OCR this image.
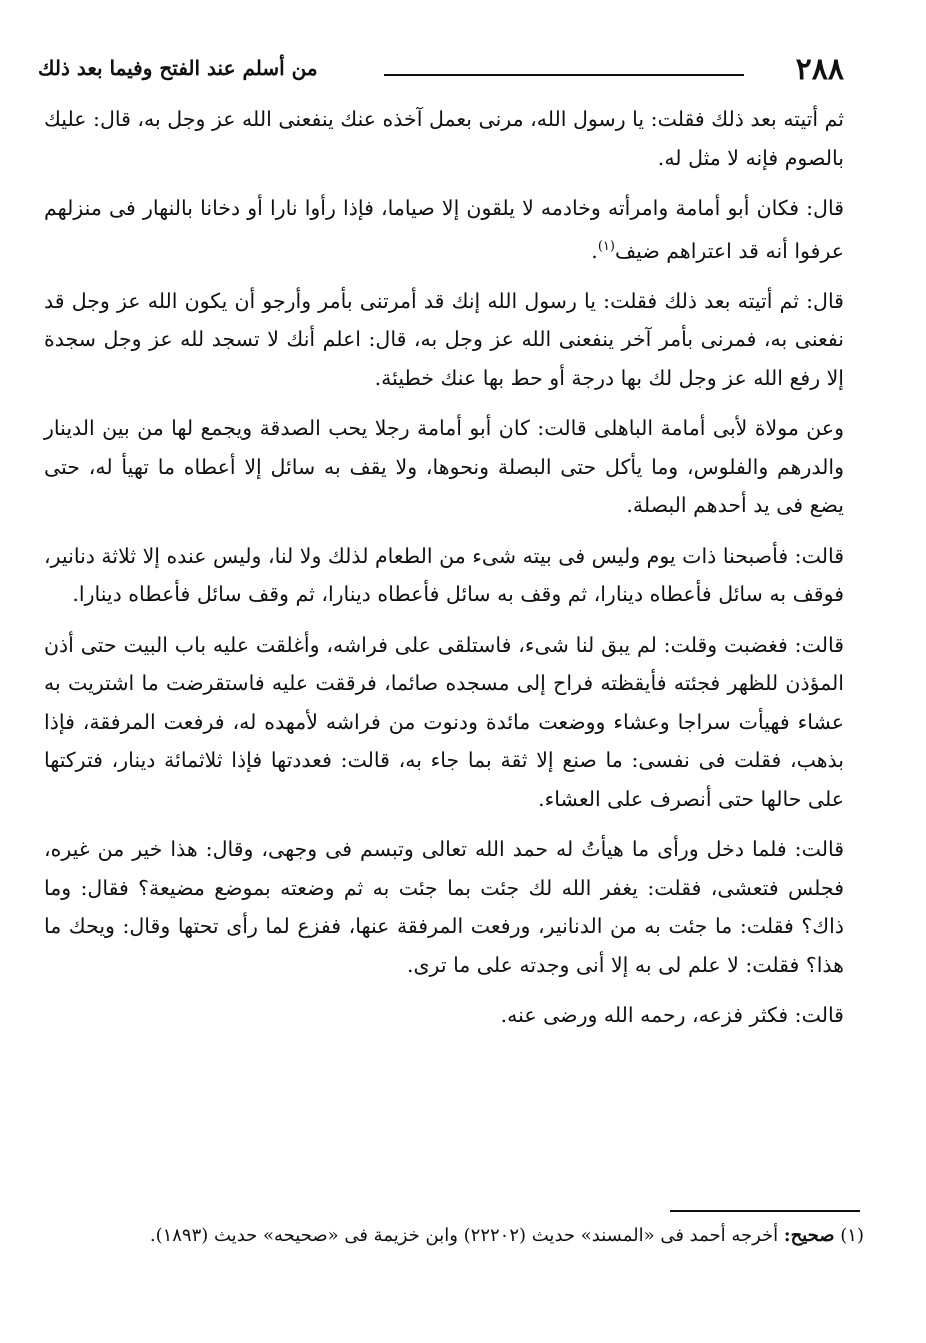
٢٨٨
من أسلم عند الفتح وفيما بعد ذلك

ثم أتيته بعد ذلك فقلت: يا رسول الله، مرنى بعمل آخذه عنك ينفعنى الله عز وجل به، قال: عليك بالصوم فإنه لا مثل له.

قال: فكان أبو أمامة وامرأته وخادمه لا يلقون إلا صياما، فإذا رأوا نارا أو دخانا بالنهار فى منزلهم عرفوا أنه قد اعتراهم ضيف$^{(١)}$.

قال: ثم أتيته بعد ذلك فقلت: يا رسول الله إنك قد أمرتنى بأمر وأرجو أن يكون الله عز وجل قد نفعنى به، فمرنى بأمر آخر ينفعنى الله عز وجل به، قال: اعلم أنك لا تسجد لله عز وجل سجدة إلا رفع الله عز وجل لك بها درجة أو حط بها عنك خطيئة.

وعن مولاة لأبى أمامة الباهلى قالت: كان أبو أمامة رجلا يحب الصدقة ويجمع لها من بين الدينار والدرهم والفلوس، وما يأكل حتى البصلة ونحوها، ولا يقف به سائل إلا أعطاه ما تهيأ له، حتى يضع فى يد أحدهم البصلة.

قالت: فأصبحنا ذات يوم وليس فى بيته شىء من الطعام لذلك ولا لنا، وليس عنده إلا ثلاثة دنانير، فوقف به سائل فأعطاه دينارا، ثم وقف به سائل فأعطاه دينارا، ثم وقف سائل فأعطاه دينارا.

قالت: فغضبت وقلت: لم يبق لنا شىء، فاستلقى على فراشه، وأغلقت عليه باب البيت حتى أذن المؤذن للظهر فجئته فأيقظته فراح إلى مسجده صائما، فرققت عليه فاستقرضت ما اشتريت به عشاء فهيأت سراجا وعشاء ووضعت مائدة ودنوت من فراشه لأمهده له، فرفعت المرفقة، فإذا بذهب، فقلت فى نفسى: ما صنع إلا ثقة بما جاء به، قالت: فعددتها فإذا ثلاثمائة دينار، فتركتها على حالها حتى أنصرف على العشاء.

قالت: فلما دخل ورأى ما هيأتُ له حمد الله تعالى وتبسم فى وجهى، وقال: هذا خير من غيره، فجلس فتعشى، فقلت: يغفر الله لك جئت بما جئت به ثم وضعته بموضع مضيعة؟ فقال: وما ذاك؟ فقلت: ما جئت به من الدنانير، ورفعت المرفقة عنها، ففزع لما رأى تحتها وقال: ويحك ما هذا؟ فقلت: لا علم لى به إلا أنى وجدته على ما ترى.

قالت: فكثر فزعه، رحمه الله ورضى عنه.

(١) صحيح: أخرجه أحمد فى «المسند» حديث (٢٢٢٠٢) وابن خزيمة فى «صحيحه» حديث (١٨٩٣).
